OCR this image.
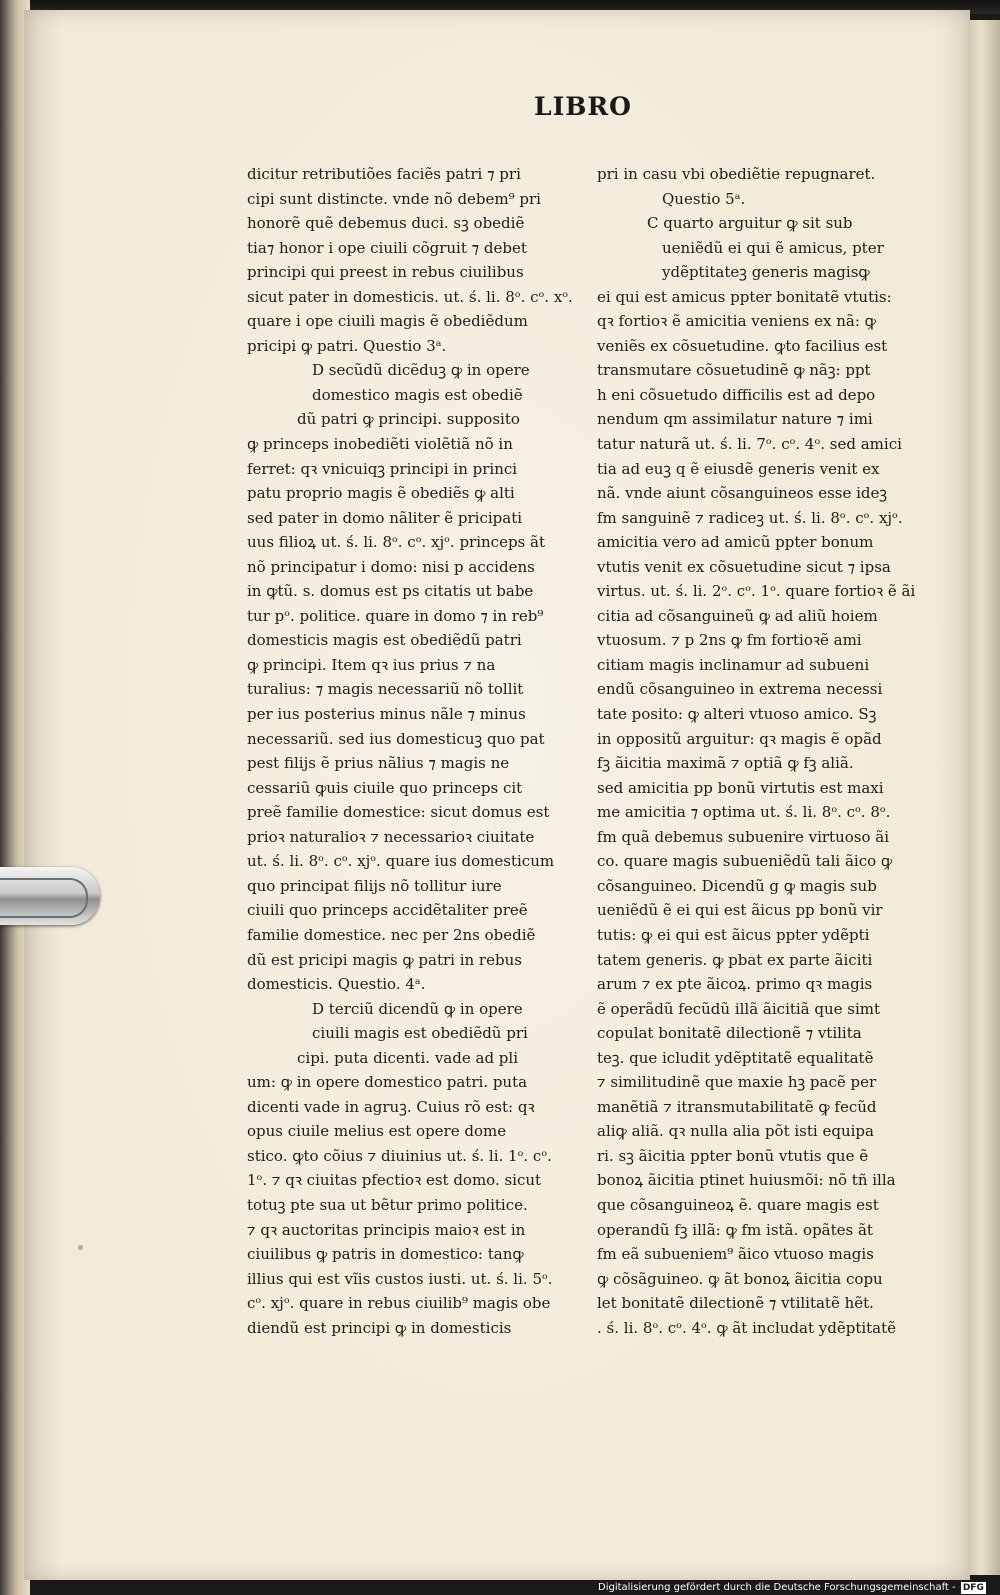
LIBRO
dicitur retributiões faciẽs patri ⁊ pri
cipi sunt distincte. vnde nõ debem⁹ pri
honorẽ quẽ debemus duci. sꝫ obediẽ
tia⁊ honor i ope ciuili cõgruit ⁊ debet
principi qui preest in rebus ciuilibus
sicut pater in domesticis. ut. ś. li. 8ᵒ. cᵒ. xᵒ.
quare i ope ciuili magis ẽ obediẽdum
pricipi ꝙ patri. Questio 3ᵃ.
D secũdũ dicẽduꝫ ꝙ in opere
domestico magis est obediẽ
dũ patri ꝙ principi. supposito
ꝙ princeps inobediẽti violẽtiã nõ in
ferret: qꝛ vnicuiqꝫ principi in princi
patu proprio magis ẽ obediẽs ꝙ alti
sed pater in domo nãliter ẽ pricipati
uus filioꝝ ut. ś. li. 8ᵒ. cᵒ. xjᵒ. princeps ãt
nõ principatur i domo: nisi p accidens
in ꝙtũ. s. domus est ps citatis ut babe
tur pᵒ. politice. quare in domo ⁊ in reb⁹
domesticis magis est obediẽdũ patri
ꝙ principi. Item qꝛ ius prius ⁊ na
turalius: ⁊ magis necessariũ nõ tollit
per ius posterius minus nãle ⁊ minus
necessariũ. sed ius domesticuꝫ quo pat
pest filijs ẽ prius nãlius ⁊ magis ne
cessariũ ꝙuis ciuile quo princeps cit
preẽ familie domestice: sicut domus est
prioꝛ naturalioꝛ ⁊ necessarioꝛ ciuitate
ut. ś. li. 8ᵒ. cᵒ. xjᵒ. quare ius domesticum
quo principat filijs nõ tollitur iure
ciuili quo princeps accidẽtaliter preẽ
familie domestice. nec per 2ns obediẽ
dũ est pricipi magis ꝙ patri in rebus
domesticis. Questio. 4ᵃ.
D terciũ dicendũ ꝙ in opere
ciuili magis est obediẽdũ pri
cipi. puta dicenti. vade ad pli
um: ꝙ in opere domestico patri. puta
dicenti vade in agruꝫ. Cuius rõ est: qꝛ
opus ciuile melius est opere dome
stico. ꝙto cõius ⁊ diuinius ut. ś. li. 1ᵒ. cᵒ.
1ᵒ. ⁊ qꝛ ciuitas pfectioꝛ est domo. sicut
totuꝫ pte sua ut bẽtur primo politice.
⁊ qꝛ auctoritas principis maioꝛ est in
ciuilibus ꝙ patris in domestico: tanꝙ
illius qui est vĩis custos iusti. ut. ś. li. 5ᵒ.
cᵒ. xjᵒ. quare in rebus ciuilib⁹ magis obe
diendũ est principi ꝙ in domesticis
pri in casu vbi obediẽtie repugnaret.
Questio 5ᵃ.
C quarto arguitur ꝙ sit sub
ueniẽdũ ei qui ẽ amicus, pter
ydẽptitateꝫ generis magisꝙ
ei qui est amicus ppter bonitatẽ vtutis:
qꝛ fortioꝛ ẽ amicitia veniens ex nã: ꝙ
veniẽs ex cõsuetudine. ꝙto facilius est
transmutare cõsuetudinẽ ꝙ nãꝫ: ppt
h eni cõsuetudo difficilis est ad depo
nendum qm assimilatur nature ⁊ imi
tatur naturã ut. ś. li. 7ᵒ. cᵒ. 4ᵒ. sed amici
tia ad euꝫ q ẽ eiusdẽ generis venit ex
nã. vnde aiunt cõsanguineos esse ideꝫ
fm sanguinẽ ⁊ radiceꝫ ut. ś. li. 8ᵒ. cᵒ. xjᵒ.
amicitia vero ad amicũ ppter bonum
vtutis venit ex cõsuetudine sicut ⁊ ipsa
virtus. ut. ś. li. 2ᵒ. cᵒ. 1ᵒ. quare fortioꝛ ẽ ãi
citia ad cõsanguineũ ꝙ ad aliũ hoiem
vtuosum. ⁊ p 2ns ꝙ fm fortioꝛẽ ami
citiam magis inclinamur ad subueni
endũ cõsanguineo in extrema necessi
tate posito: ꝙ alteri vtuoso amico. Sꝫ
in oppositũ arguitur: qꝛ magis ẽ opãd
fꝫ ãicitia maximã ⁊ optiã ꝙ fꝫ aliã.
sed amicitia pp bonũ virtutis est maxi
me amicitia ⁊ optima ut. ś. li. 8ᵒ. cᵒ. 8ᵒ.
fm quã debemus subuenire virtuoso ãi
co. quare magis subueniẽdũ tali ãico ꝙ
cõsanguineo. Dicendũ g ꝙ magis sub
ueniẽdũ ẽ ei qui est ãicus pp bonũ vir
tutis: ꝙ ei qui est ãicus ppter ydẽpti
tatem generis. ꝙ pbat ex parte ãiciti
arum ⁊ ex pte ãicoꝝ. primo qꝛ magis
ẽ operãdũ fecũdũ illã ãicitiã que simt
copulat bonitatẽ dilectionẽ ⁊ vtilita
teꝫ. que icludit ydẽptitatẽ equalitatẽ
⁊ similitudinẽ que maxie hꝫ pacẽ per
manẽtiã ⁊ itransmutabilitatẽ ꝙ fecũd
aliꝙ aliã. qꝛ nulla alia põt isti equipa
ri. sꝫ ãicitia ppter bonũ vtutis que ẽ
bonoꝝ ãicitia ptinet huiusmõi: nõ tñ illa
que cõsanguineoꝝ ẽ. quare magis est
operandũ fꝫ illã: ꝙ fm istã. opãtes ãt
fm eã subueniem⁹ ãico vtuoso magis
ꝙ cõsãguineo. ꝙ ãt bonoꝝ ãicitia copu
let bonitatẽ dilectionẽ ⁊ vtilitatẽ hẽt.
. ś. li. 8ᵒ. cᵒ. 4ᵒ. ꝙ ãt includat ydẽptitatẽ
Digitalisierung gefördert durch die Deutsche Forschungsgemeinschaft - DFG
